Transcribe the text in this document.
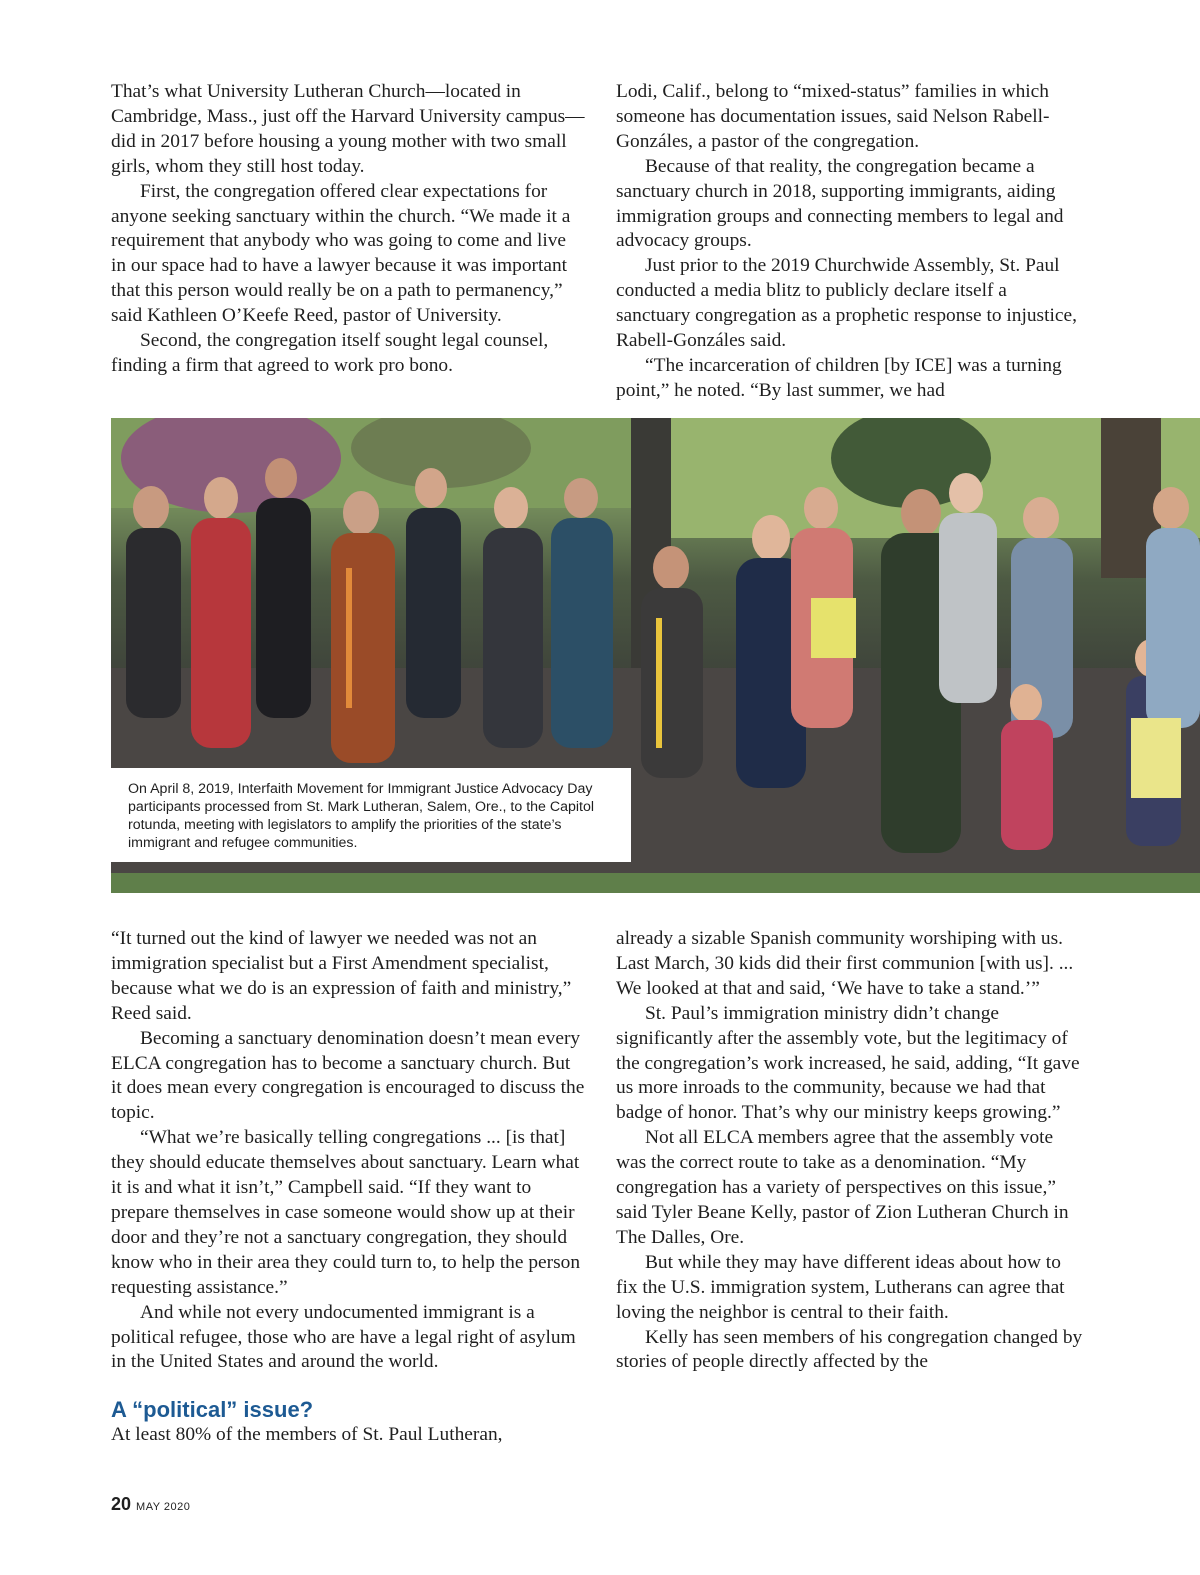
That’s what University Lutheran Church—located in Cambridge, Mass., just off the Harvard University campus—did in 2017 before housing a young mother with two small girls, whom they still host today.

First, the congregation offered clear expectations for anyone seeking sanctuary within the church. “We made it a requirement that anybody who was going to come and live in our space had to have a lawyer because it was important that this person would really be on a path to permanency,” said Kathleen O’Keefe Reed, pastor of University.

Second, the congregation itself sought legal counsel, finding a firm that agreed to work pro bono.

Lodi, Calif., belong to “mixed-status” families in which someone has documentation issues, said Nelson Rabell-Gonzáles, a pastor of the congregation.

Because of that reality, the congregation became a sanctuary church in 2018, supporting immigrants, aiding immigration groups and connecting members to legal and advocacy groups.

Just prior to the 2019 Churchwide Assembly, St. Paul conducted a media blitz to publicly declare itself a sanctuary congregation as a prophetic response to injustice, Rabell-Gonzáles said.

“The incarceration of children [by ICE] was a turning point,” he noted. “By last summer, we had

On April 8, 2019, Interfaith Movement for Immigrant Justice Advocacy Day participants processed from St. Mark Lutheran, Salem, Ore., to the Capitol rotunda, meeting with legislators to amplify the priorities of the state’s immigrant and refugee communities.

“It turned out the kind of lawyer we needed was not an immigration specialist but a First Amendment specialist, because what we do is an expression of faith and ministry,” Reed said.

Becoming a sanctuary denomination doesn’t mean every ELCA congregation has to become a sanctuary church. But it does mean every congregation is encouraged to discuss the topic.

“What we’re basically telling congregations ... [is that] they should educate themselves about sanctuary. Learn what it is and what it isn’t,” Campbell said. “If they want to prepare themselves in case someone would show up at their door and they’re not a sanctuary congregation, they should know who in their area they could turn to, to help the person requesting assistance.”

And while not every undocumented immigrant is a political refugee, those who are have a legal right of asylum in the United States and around the world.

A “political” issue?

At least 80% of the members of St. Paul Lutheran,

already a sizable Spanish community worshiping with us. Last March, 30 kids did their first communion [with us]. ... We looked at that and said, ‘We have to take a stand.’”

St. Paul’s immigration ministry didn’t change significantly after the assembly vote, but the legitimacy of the congregation’s work increased, he said, adding, “It gave us more inroads to the community, because we had that badge of honor. That’s why our ministry keeps growing.”

Not all ELCA members agree that the assembly vote was the correct route to take as a denomination. “My congregation has a variety of perspectives on this issue,” said Tyler Beane Kelly, pastor of Zion Lutheran Church in The Dalles, Ore.

But while they may have different ideas about how to fix the U.S. immigration system, Lutherans can agree that loving the neighbor is central to their faith.

Kelly has seen members of his congregation changed by stories of people directly affected by the

20 MAY 2020
